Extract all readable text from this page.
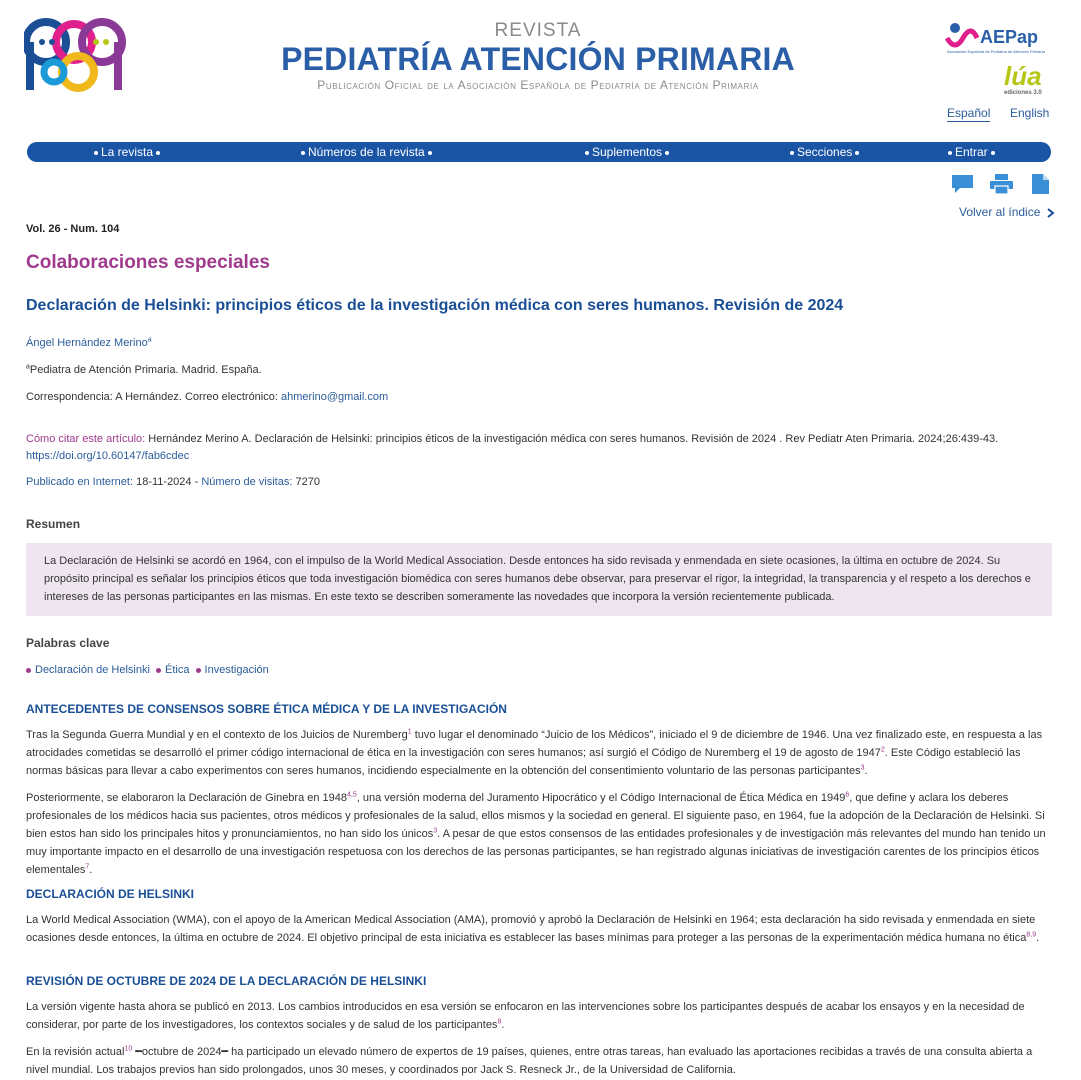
REVISTA
PEDIATRÍA ATENCIÓN PRIMARIA
Publicación Oficial de la Asociación Española de Pediatría de Atención Primaria
AEPap
Asociación Española de Pediatría de Atención Primaria
lúa
ediciones 3.0
Español English
La revista	Números de la revista	Suplementos	Secciones	Entrar
Volver al índice
Vol. 26 - Num. 104
Colaboraciones especiales
Declaración de Helsinki: principios éticos de la investigación médica con seres humanos. Revisión de 2024
Ángel Hernández Merino$^a$
$^a$Pediatra de Atención Primaria. Madrid. España.
Correspondencia: A Hernández. Correo electrónico: ahmerino@gmail.com
Cómo citar este artículo: Hernández Merino A. Declaración de Helsinki: principios éticos de la investigación médica con seres humanos. Revisión de 2024 . Rev Pediatr Aten Primaria. 2024;26:439-43.
https://doi.org/10.60147/fab6cdec
Publicado en Internet: 18-11-2024 - Número de visitas: 7270
Resumen
La Declaración de Helsinki se acordó en 1964, con el impulso de la World Medical Association. Desde entonces ha sido revisada y enmendada en siete ocasiones, la última en octubre de 2024. Su propósito principal es señalar los principios éticos que toda investigación biomédica con seres humanos debe observar, para preservar el rigor, la integridad, la transparencia y el respeto a los derechos e intereses de las personas participantes en las mismas. En este texto se describen someramente las novedades que incorpora la versión recientemente publicada.
Palabras clave
Declaración de Helsinki Ética Investigación
ANTECEDENTES DE CONSENSOS SOBRE ÉTICA MÉDICA Y DE LA INVESTIGACIÓN
Tras la Segunda Guerra Mundial y en el contexto de los Juicios de Nuremberg$^1$ tuvo lugar el denominado “Juicio de los Médicos”, iniciado el 9 de diciembre de 1946. Una vez finalizado este, en respuesta a las atrocidades cometidas se desarrolló el primer código internacional de ética en la investigación con seres humanos; así surgió el Código de Nuremberg el 19 de agosto de 1947$^2$. Este Código estableció las normas básicas para llevar a cabo experimentos con seres humanos, incidiendo especialmente en la obtención del consentimiento voluntario de las personas participantes$^3$.
Posteriormente, se elaboraron la Declaración de Ginebra en 1948$^{4,5}$, una versión moderna del Juramento Hipocrático y el Código Internacional de Ética Médica en 1949$^6$, que define y aclara los deberes profesionales de los médicos hacia sus pacientes, otros médicos y profesionales de la salud, ellos mismos y la sociedad en general. El siguiente paso, en 1964, fue la adopción de la Declaración de Helsinki. Si bien estos han sido los principales hitos y pronunciamientos, no han sido los únicos$^3$. A pesar de que estos consensos de las entidades profesionales y de investigación más relevantes del mundo han tenido un muy importante impacto en el desarrollo de una investigación respetuosa con los derechos de las personas participantes, se han registrado algunas iniciativas de investigación carentes de los principios éticos elementales$^7$.
DECLARACIÓN DE HELSINKI
La World Medical Association (WMA), con el apoyo de la American Medical Association (AMA), promovió y aprobó la Declaración de Helsinki en 1964; esta declaración ha sido revisada y enmendada en siete ocasiones desde entonces, la última en octubre de 2024. El objetivo principal de esta iniciativa es establecer las bases mínimas para proteger a las personas de la experimentación médica humana no ética$^{8,9}$.
REVISIÓN DE OCTUBRE DE 2024 DE LA DECLARACIÓN DE HELSINKI
La versión vigente hasta ahora se publicó en 2013. Los cambios introducidos en esa versión se enfocaron en las intervenciones sobre los participantes después de acabar los ensayos y en la necesidad de considerar, por parte de los investigadores, los contextos sociales y de salud de los participantes$^8$.
En la revisión actual$^{10}$ ━octubre de 2024━ ha participado un elevado número de expertos de 19 países, quienes, entre otras tareas, han evaluado las aportaciones recibidas a través de una consulta abierta a nivel mundial. Los trabajos previos han sido prolongados, unos 30 meses, y coordinados por Jack S. Resneck Jr., de la Universidad de California.
